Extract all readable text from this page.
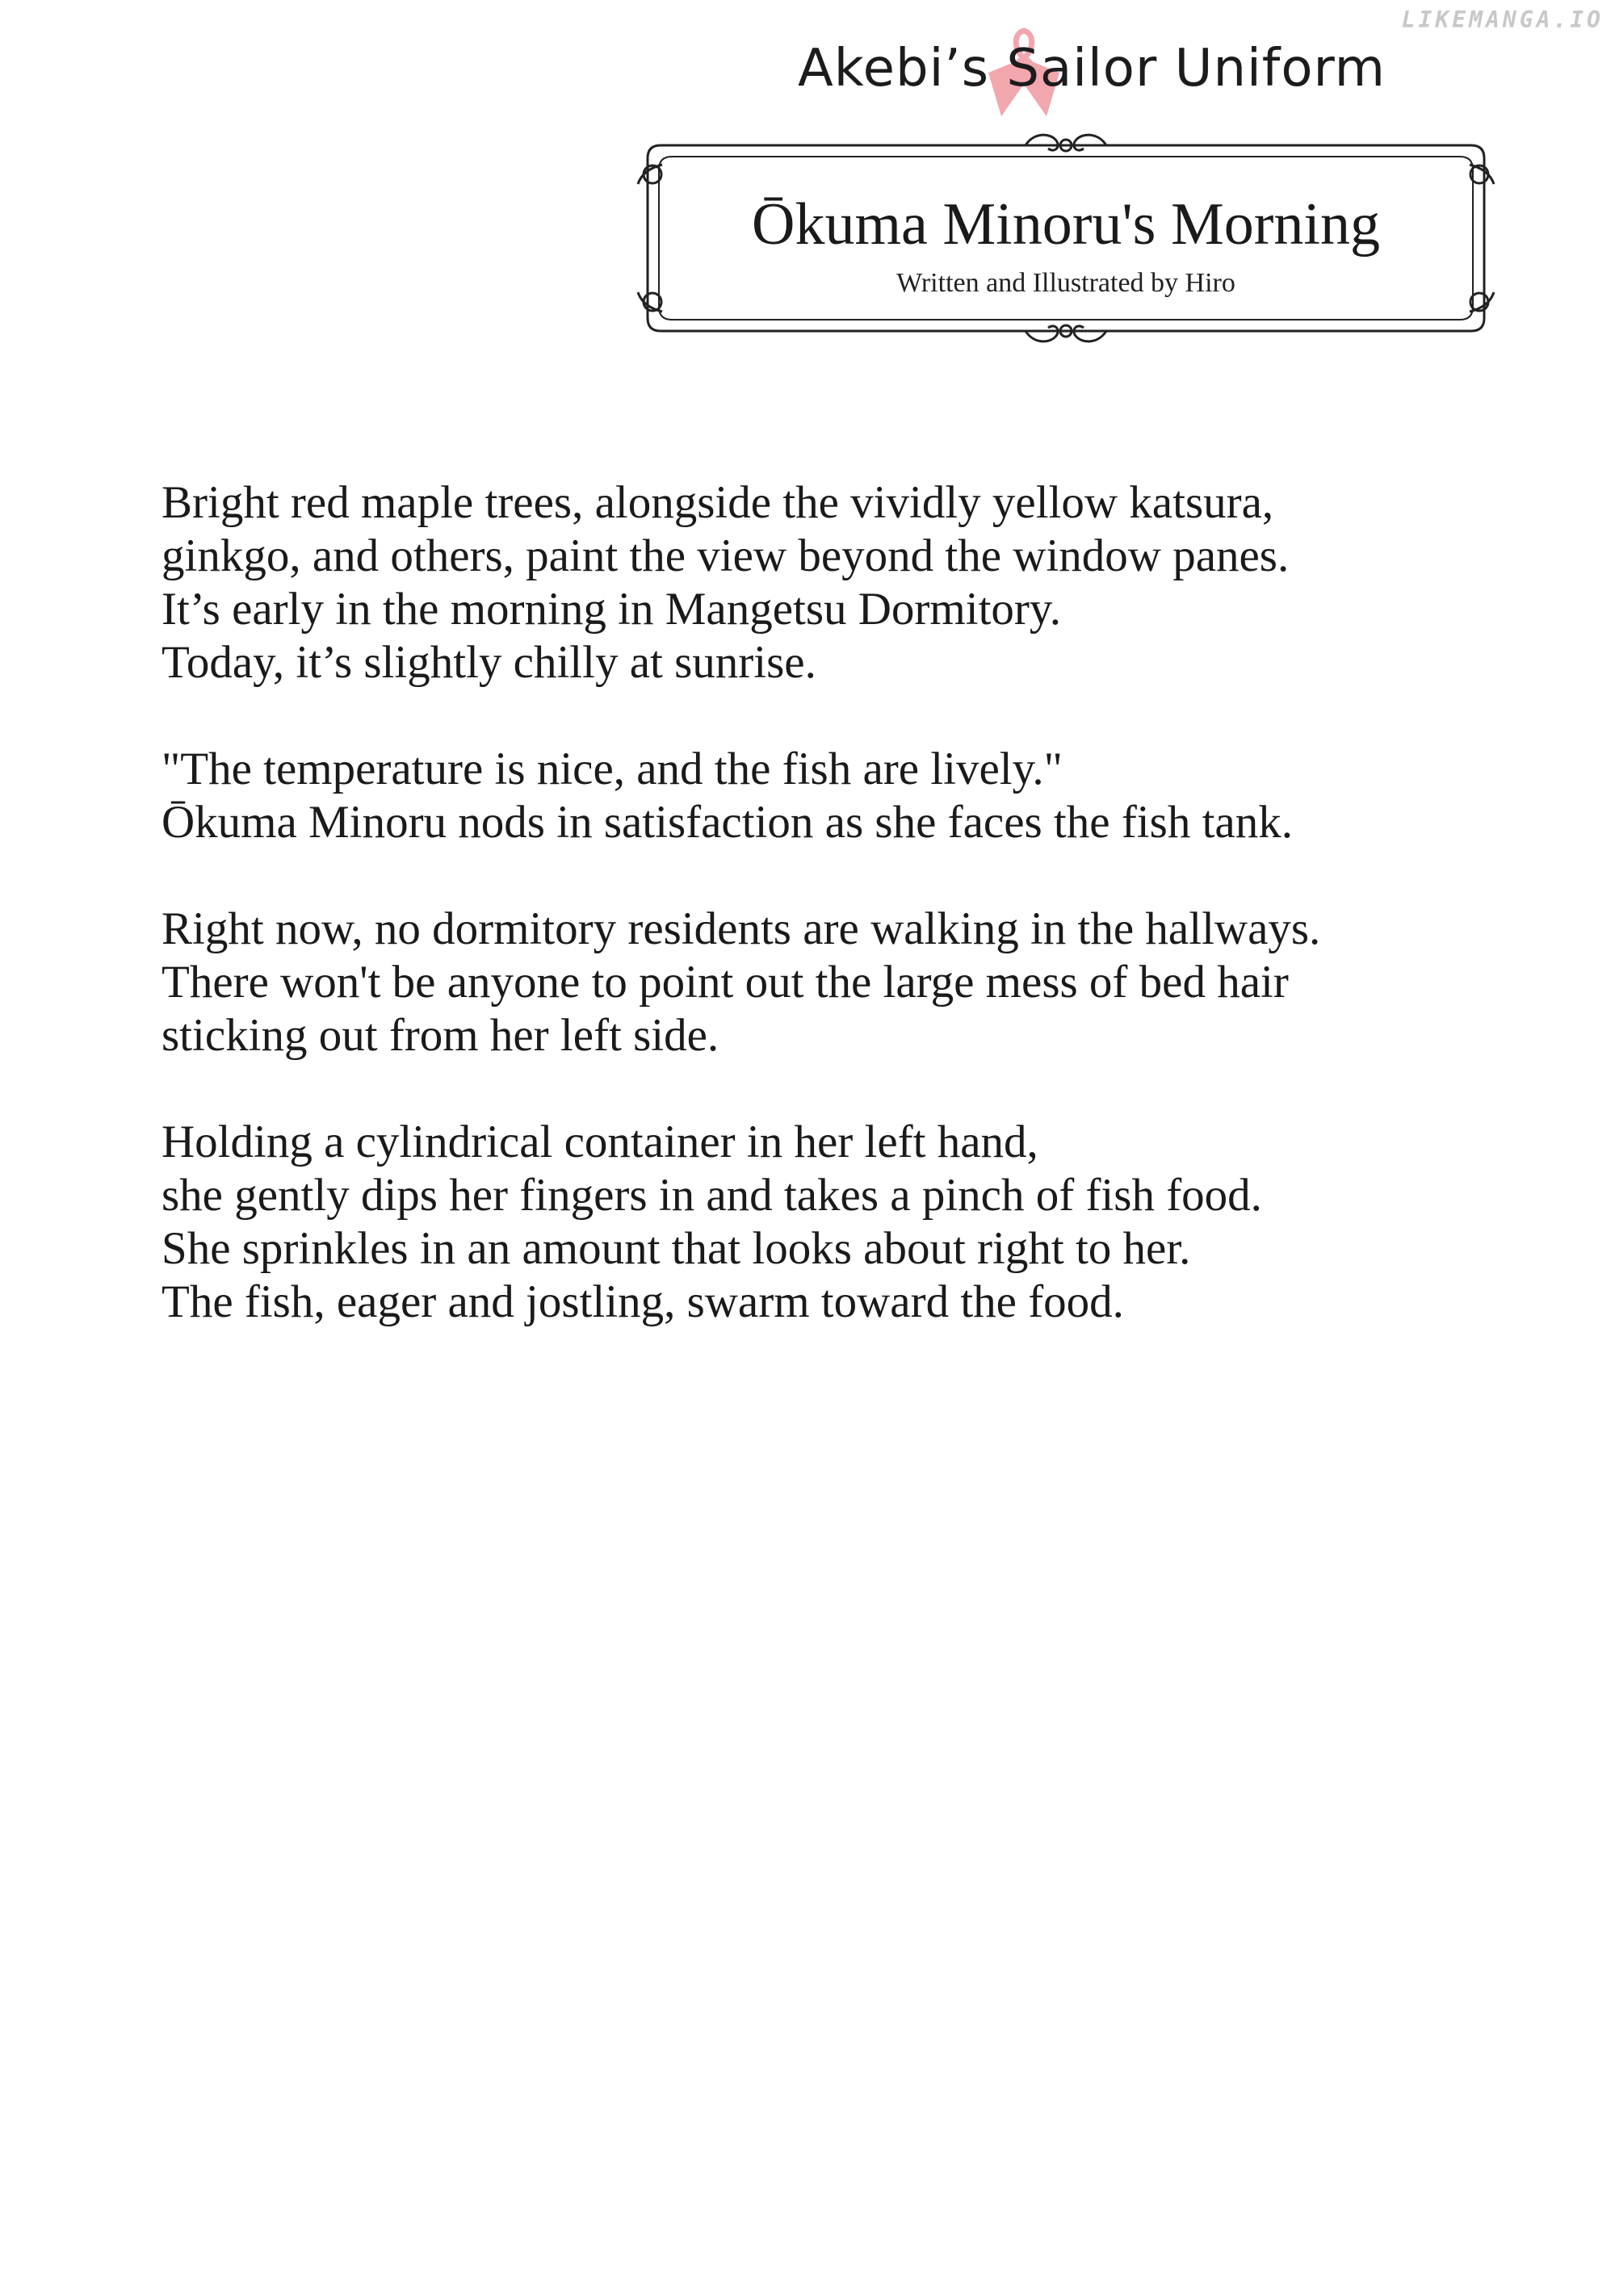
LIKEMANGA.IO
Akebi’s Sailor Uniform
Ōkuma Minoru's Morning
Written and Illustrated by Hiro
Bright red maple trees, alongside the vividly yellow katsura,
ginkgo, and others, paint the view beyond the window panes.
It’s early in the morning in Mangetsu Dormitory.
Today, it’s slightly chilly at sunrise.
"The temperature is nice, and the fish are lively."
Ōkuma Minoru nods in satisfaction as she faces the fish tank.
Right now, no dormitory residents are walking in the hallways.
There won't be anyone to point out the large mess of bed hair
sticking out from her left side.
Holding a cylindrical container in her left hand,
she gently dips her fingers in and takes a pinch of fish food.
She sprinkles in an amount that looks about right to her.
The fish, eager and jostling, swarm toward the food.
